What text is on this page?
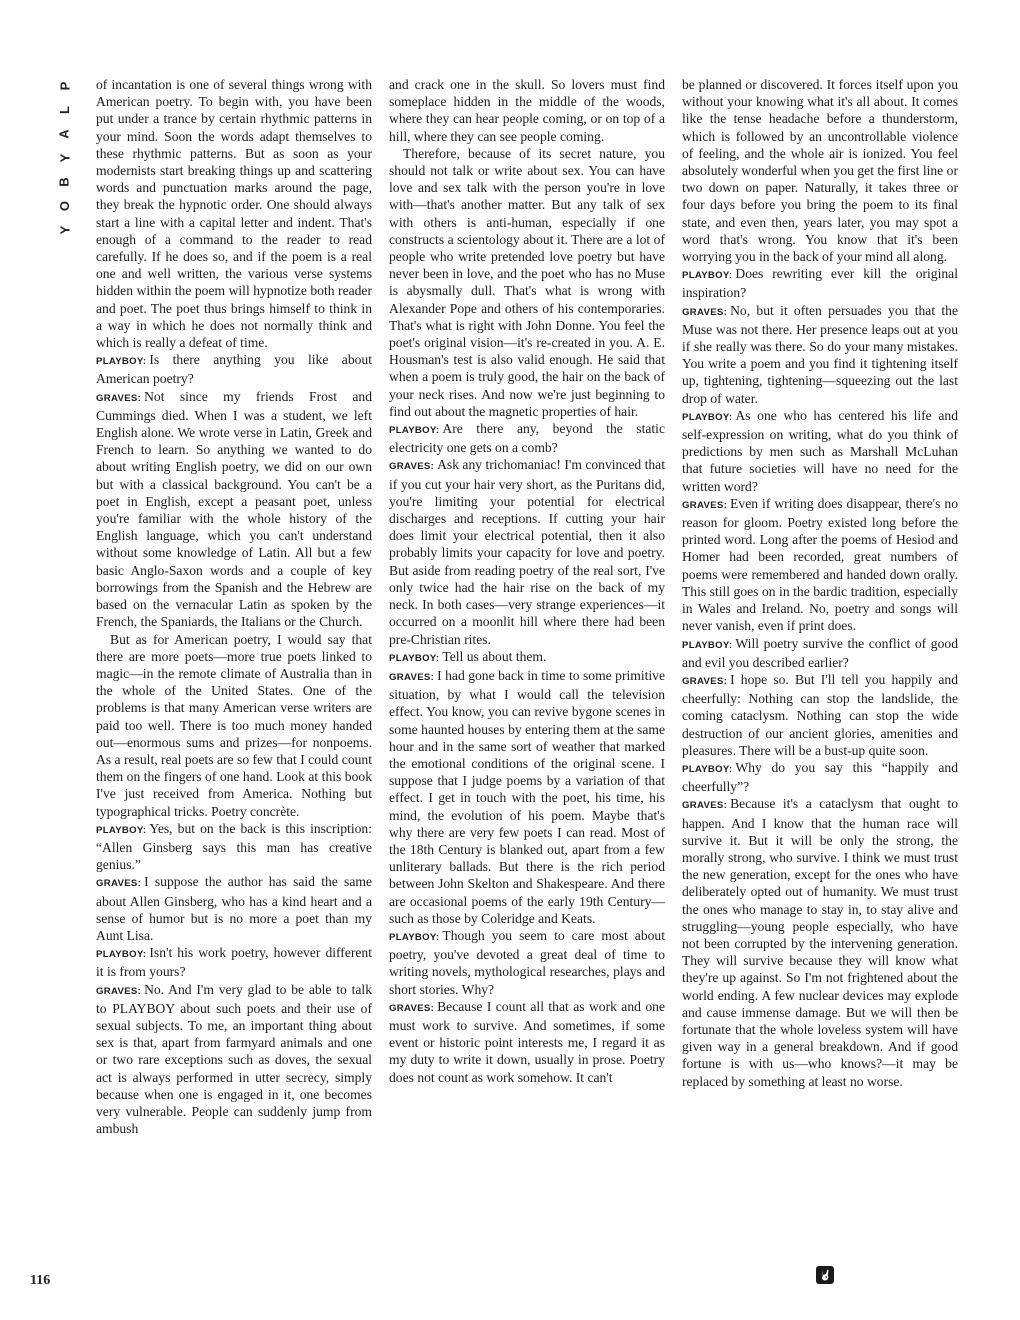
P
L
A
Y
B
O
Y

of incantation is one of several things wrong with American poetry. To begin with, you have been put under a trance by certain rhythmic patterns in your mind. Soon the words adapt themselves to these rhythmic patterns. But as soon as your modernists start breaking things up and scattering words and punctuation marks around the page, they break the hypnotic order. One should always start a line with a capital letter and indent. That's enough of a command to the reader to read carefully. If he does so, and if the poem is a real one and well written, the various verse systems hidden within the poem will hypnotize both reader and poet. The poet thus brings himself to think in a way in which he does not normally think and which is really a defeat of time.

PLAYBOY: Is there anything you like about American poetry?

GRAVES: Not since my friends Frost and Cummings died. When I was a student, we left English alone. We wrote verse in Latin, Greek and French to learn. So anything we wanted to do about writing English poetry, we did on our own but with a classical background. You can't be a poet in English, except a peasant poet, unless you're familiar with the whole history of the English language, which you can't understand without some knowledge of Latin. All but a few basic Anglo-Saxon words and a couple of key borrowings from the Spanish and the Hebrew are based on the vernacular Latin as spoken by the French, the Spaniards, the Italians or the Church.

But as for American poetry, I would say that there are more poets—more true poets linked to magic—in the remote climate of Australia than in the whole of the United States. One of the problems is that many American verse writers are paid too well. There is too much money handed out—enormous sums and prizes—for nonpoems. As a result, real poets are so few that I could count them on the fingers of one hand. Look at this book I've just received from America. Nothing but typographical tricks. Poetry concrète.

PLAYBOY: Yes, but on the back is this inscription: “Allen Ginsberg says this man has creative genius.”

GRAVES: I suppose the author has said the same about Allen Ginsberg, who has a kind heart and a sense of humor but is no more a poet than my Aunt Lisa.

PLAYBOY: Isn't his work poetry, however different it is from yours?

GRAVES: No. And I'm very glad to be able to talk to PLAYBOY about such poets and their use of sexual subjects. To me, an important thing about sex is that, apart from farmyard animals and one or two rare exceptions such as doves, the sexual act is always performed in utter secrecy, simply because when one is engaged in it, one becomes very vulnerable. People can suddenly jump from ambush

and crack one in the skull. So lovers must find someplace hidden in the middle of the woods, where they can hear people coming, or on top of a hill, where they can see people coming.

Therefore, because of its secret nature, you should not talk or write about sex. You can have love and sex talk with the person you're in love with—that's another matter. But any talk of sex with others is anti-human, especially if one constructs a scientology about it. There are a lot of people who write pretended love poetry but have never been in love, and the poet who has no Muse is abysmally dull. That's what is wrong with Alexander Pope and others of his contemporaries. That's what is right with John Donne. You feel the poet's original vision—it's re-created in you. A. E. Housman's test is also valid enough. He said that when a poem is truly good, the hair on the back of your neck rises. And now we're just beginning to find out about the magnetic properties of hair.

PLAYBOY: Are there any, beyond the static electricity one gets on a comb?

GRAVES: Ask any trichomaniac! I'm convinced that if you cut your hair very short, as the Puritans did, you're limiting your potential for electrical discharges and receptions. If cutting your hair does limit your electrical potential, then it also probably limits your capacity for love and poetry. But aside from reading poetry of the real sort, I've only twice had the hair rise on the back of my neck. In both cases—very strange experiences—it occurred on a moonlit hill where there had been pre-Christian rites.

PLAYBOY: Tell us about them.

GRAVES: I had gone back in time to some primitive situation, by what I would call the television effect. You know, you can revive bygone scenes in some haunted houses by entering them at the same hour and in the same sort of weather that marked the emotional conditions of the original scene. I suppose that I judge poems by a variation of that effect. I get in touch with the poet, his time, his mind, the evolution of his poem. Maybe that's why there are very few poets I can read. Most of the 18th Century is blanked out, apart from a few unliterary ballads. But there is the rich period between John Skelton and Shakespeare. And there are occasional poems of the early 19th Century—such as those by Coleridge and Keats.

PLAYBOY: Though you seem to care most about poetry, you've devoted a great deal of time to writing novels, mythological researches, plays and short stories. Why?

GRAVES: Because I count all that as work and one must work to survive. And sometimes, if some event or historic point interests me, I regard it as my duty to write it down, usually in prose. Poetry does not count as work somehow. It can't

be planned or discovered. It forces itself upon you without your knowing what it's all about. It comes like the tense headache before a thunderstorm, which is followed by an uncontrollable violence of feeling, and the whole air is ionized. You feel absolutely wonderful when you get the first line or two down on paper. Naturally, it takes three or four days before you bring the poem to its final state, and even then, years later, you may spot a word that's wrong. You know that it's been worrying you in the back of your mind all along.

PLAYBOY: Does rewriting ever kill the original inspiration?

GRAVES: No, but it often persuades you that the Muse was not there. Her presence leaps out at you if she really was there. So do your many mistakes. You write a poem and you find it tightening itself up, tightening, tightening—squeezing out the last drop of water.

PLAYBOY: As one who has centered his life and self-expression on writing, what do you think of predictions by men such as Marshall McLuhan that future societies will have no need for the written word?

GRAVES: Even if writing does disappear, there's no reason for gloom. Poetry existed long before the printed word. Long after the poems of Hesiod and Homer had been recorded, great numbers of poems were remembered and handed down orally. This still goes on in the bardic tradition, especially in Wales and Ireland. No, poetry and songs will never vanish, even if print does.

PLAYBOY: Will poetry survive the conflict of good and evil you described earlier?

GRAVES: I hope so. But I'll tell you happily and cheerfully: Nothing can stop the landslide, the coming cataclysm. Nothing can stop the wide destruction of our ancient glories, amenities and pleasures. There will be a bust-up quite soon.

PLAYBOY: Why do you say this “happily and cheerfully”?

GRAVES: Because it's a cataclysm that ought to happen. And I know that the human race will survive it. But it will be only the strong, the morally strong, who survive. I think we must trust the new generation, except for the ones who have deliberately opted out of humanity. We must trust the ones who manage to stay in, to stay alive and struggling—young people especially, who have not been corrupted by the intervening generation. They will survive because they will know what they're up against. So I'm not frightened about the world ending. A few nuclear devices may explode and cause immense damage. But we will then be fortunate that the whole loveless system will have given way in a general breakdown. And if good fortune is with us—who knows?—it may be replaced by something at least no worse.

116
